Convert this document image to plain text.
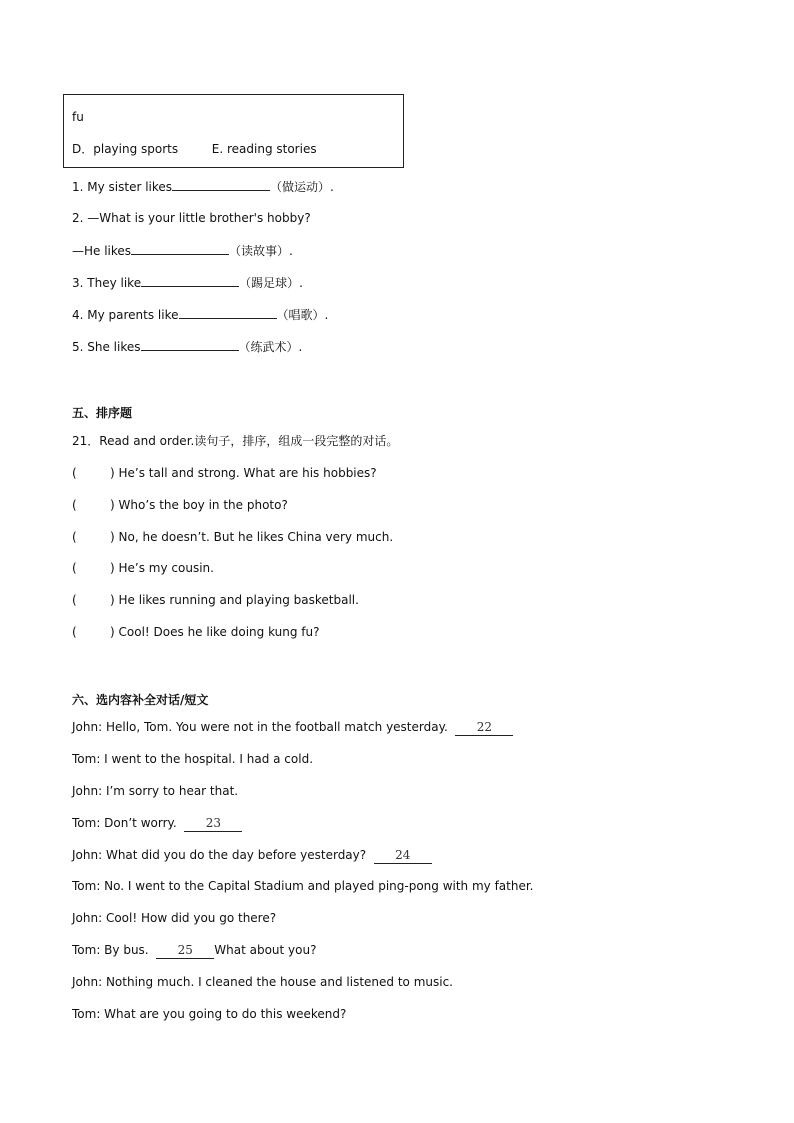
fu
D．playing sports	E. reading stories
1. My sister likes	（做运动）.
2. —What is your little brother's hobby?
—He likes	（读故事）.
3. They like	（踢足球）.
4. My parents like	（唱歌）.
5. She likes	（练武术）.
五、排序题
21．Read and order.读句子，排序，组成一段完整的对话。
(	) He’s tall and strong. What are his hobbies?
(	) Who’s the boy in the photo?
(	) No, he doesn’t. But he likes China very much.
(	) He’s my cousin.
(	) He likes running and playing basketball.
(	) Cool! Does he like doing kung fu?
六、选内容补全对话/短文
John: Hello, Tom. You were not in the football match yesterday. 22
Tom: I went to the hospital. I had a cold.
John: I’m sorry to hear that.
Tom: Don’t worry. 23
John: What did you do the day before yesterday? 24
Tom: No. I went to the Capital Stadium and played ping-pong with my father.
John: Cool! How did you go there?
Tom: By bus. 25 What about you?
John: Nothing much. I cleaned the house and listened to music.
Tom: What are you going to do this weekend?
